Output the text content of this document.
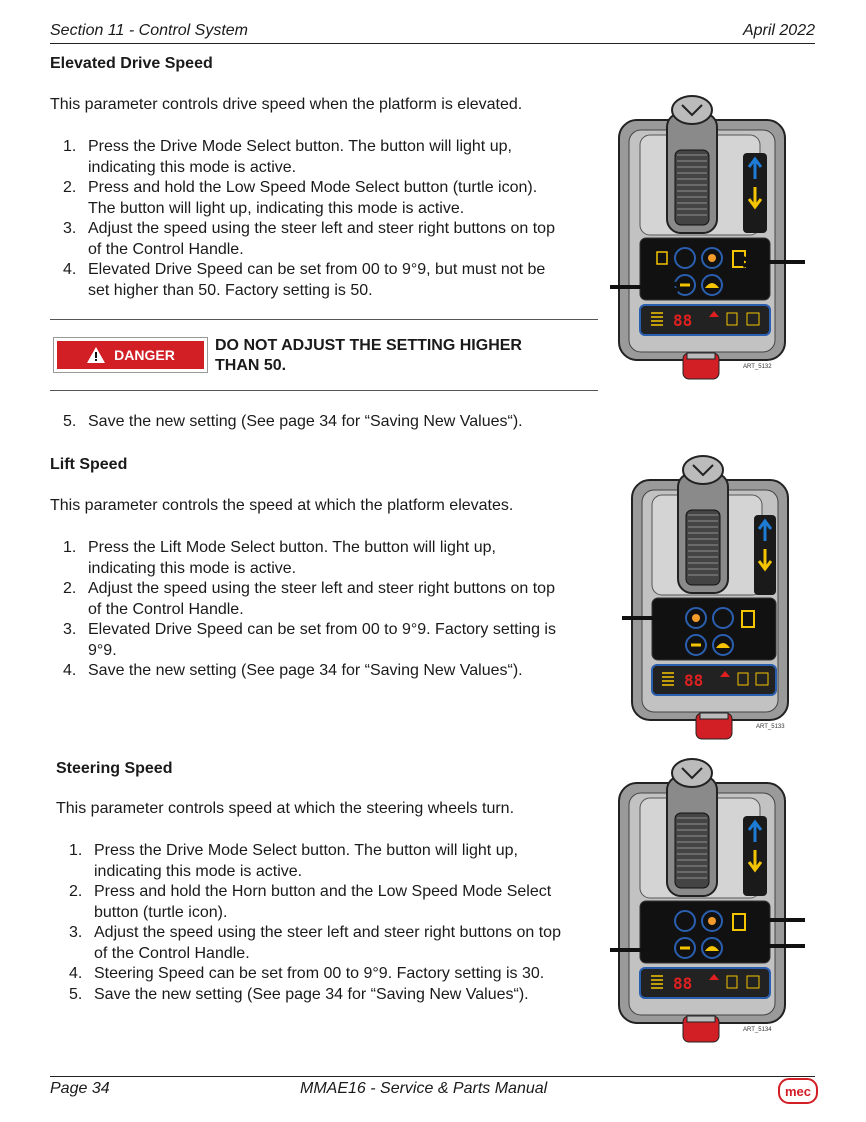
Section 11 - Control System	April 2022
Elevated Drive Speed
This parameter controls drive speed when the platform is elevated.
1. Press the Drive Mode Select button. The button will light up,
indicating this mode is active.
2. Press and hold the Low Speed Mode Select button (turtle icon).
The button will light up, indicating this mode is active.
3. Adjust the speed using the steer left and steer right buttons on top
of the Control Handle.
4. Elevated Drive Speed can be set from 00 to 9°9, but must not be
set higher than 50. Factory setting is 50.
DANGER
DO NOT ADJUST THE SETTING HIGHER
THAN 50.
5. Save the new setting (See page 34 for “Saving New Values“).
Lift Speed
This parameter controls the speed at which the platform elevates.
1. Press the Lift Mode Select button. The button will light up,
indicating this mode is active.
2. Adjust the speed using the steer left and steer right buttons on top
of the Control Handle.
3. Elevated Drive Speed can be set from 00 to 9°9. Factory setting is
9°9.
4. Save the new setting (See page 34 for “Saving New Values“).
Steering Speed
This parameter controls speed at which the steering wheels turn.
1. Press the Drive Mode Select button. The button will light up,
indicating this mode is active.
2. Press and hold the Horn button and the Low Speed Mode Select
button (turtle icon).
3. Adjust the speed using the steer left and steer right buttons on top
of the Control Handle.
4. Steering Speed can be set from 00 to 9°9. Factory setting is 30.
5. Save the new setting (See page 34 for “Saving New Values“).
88
ART_5132
88
ART_5133
88
ART_5134
Page 34	MMAE16 - Service & Parts Manual	mec
